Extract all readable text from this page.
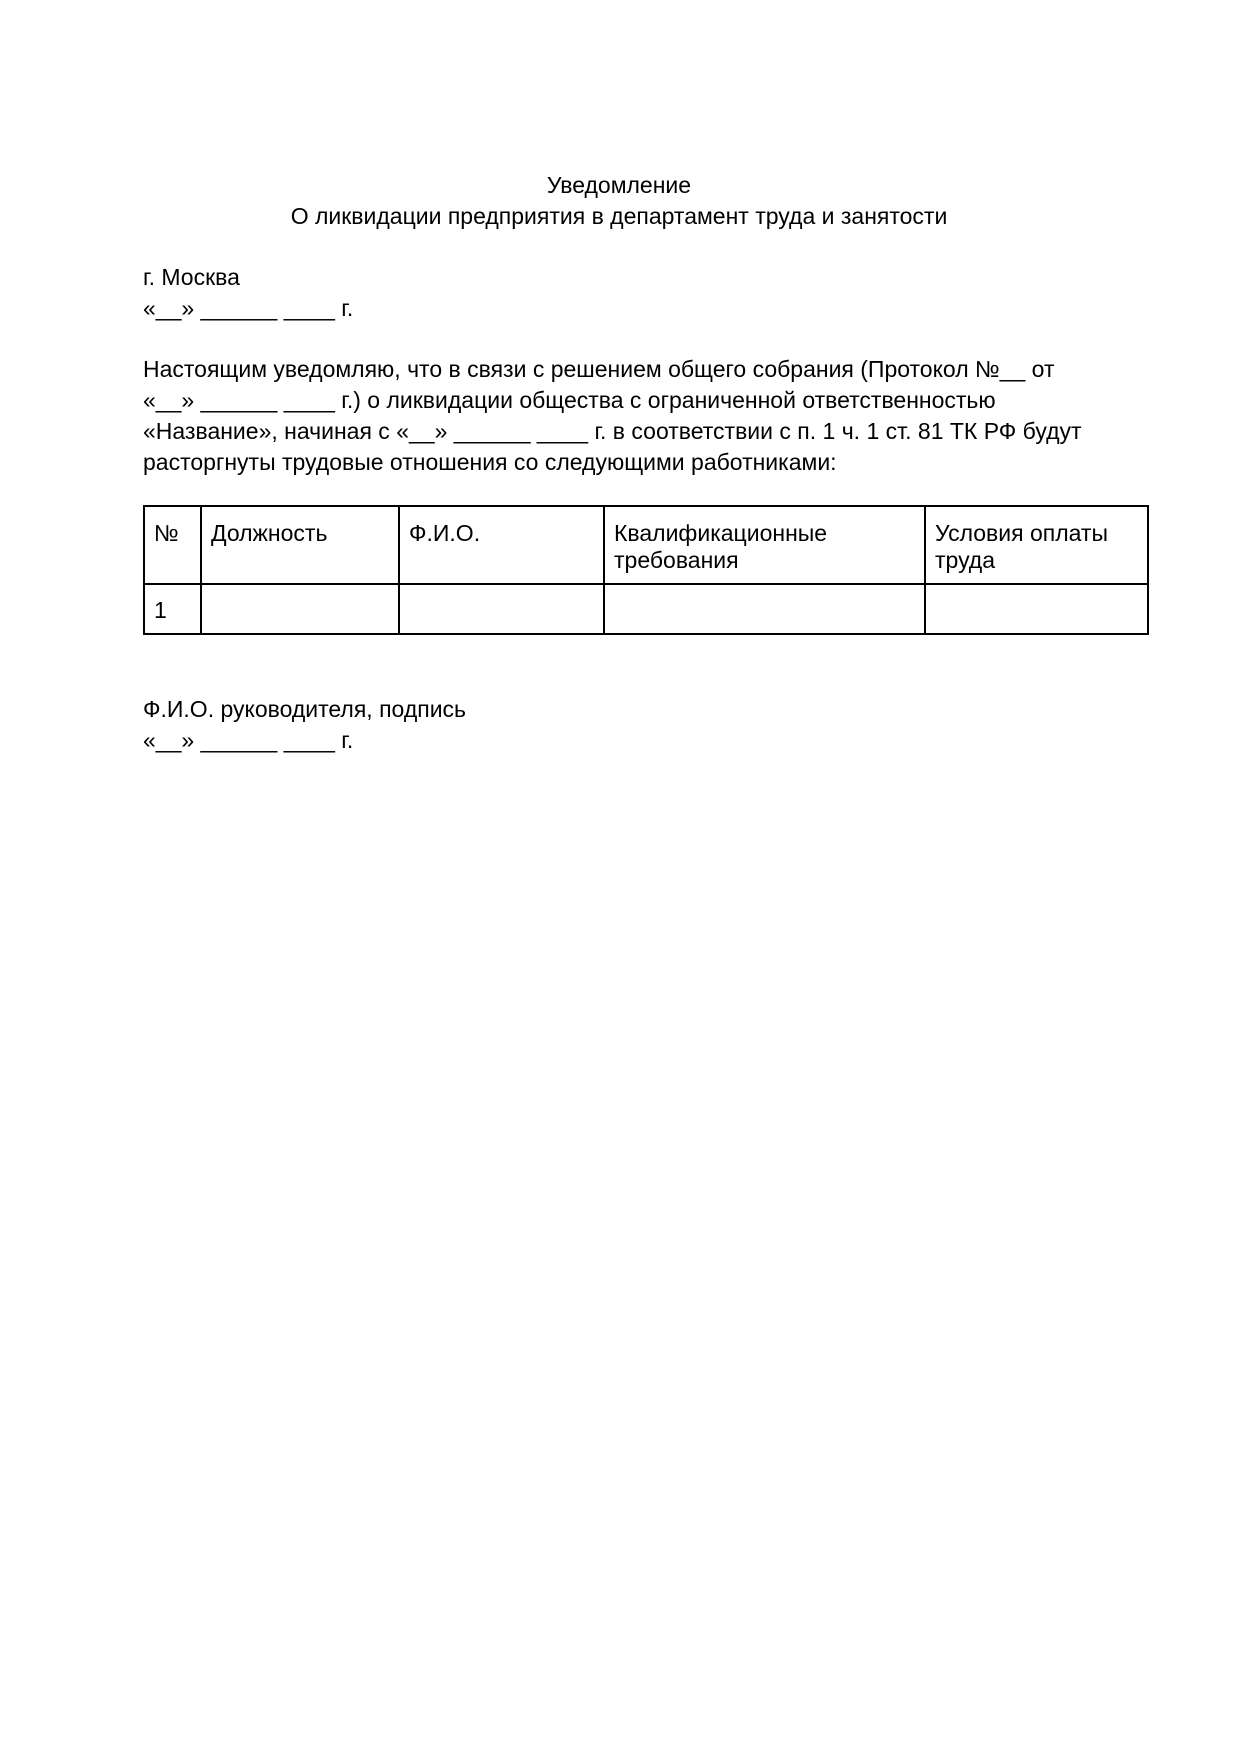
Уведомление
О ликвидации предприятия в департамент труда и занятости
г. Москва
«__» ______ ____ г.
Настоящим уведомляю, что в связи с решением общего собрания (Протокол №__ от
«__» ______ ____ г.) о ликвидации общества с ограниченной ответственностью
«Название», начиная с «__» ______ ____ г. в соответствии с п. 1 ч. 1 ст. 81 ТК РФ будут
расторгнуты трудовые отношения со следующими работниками:
№	Должность	Ф.И.О.	Квалификационные требования	Условия оплаты труда
1				
Ф.И.О. руководителя, подпись
«__» ______ ____ г.
